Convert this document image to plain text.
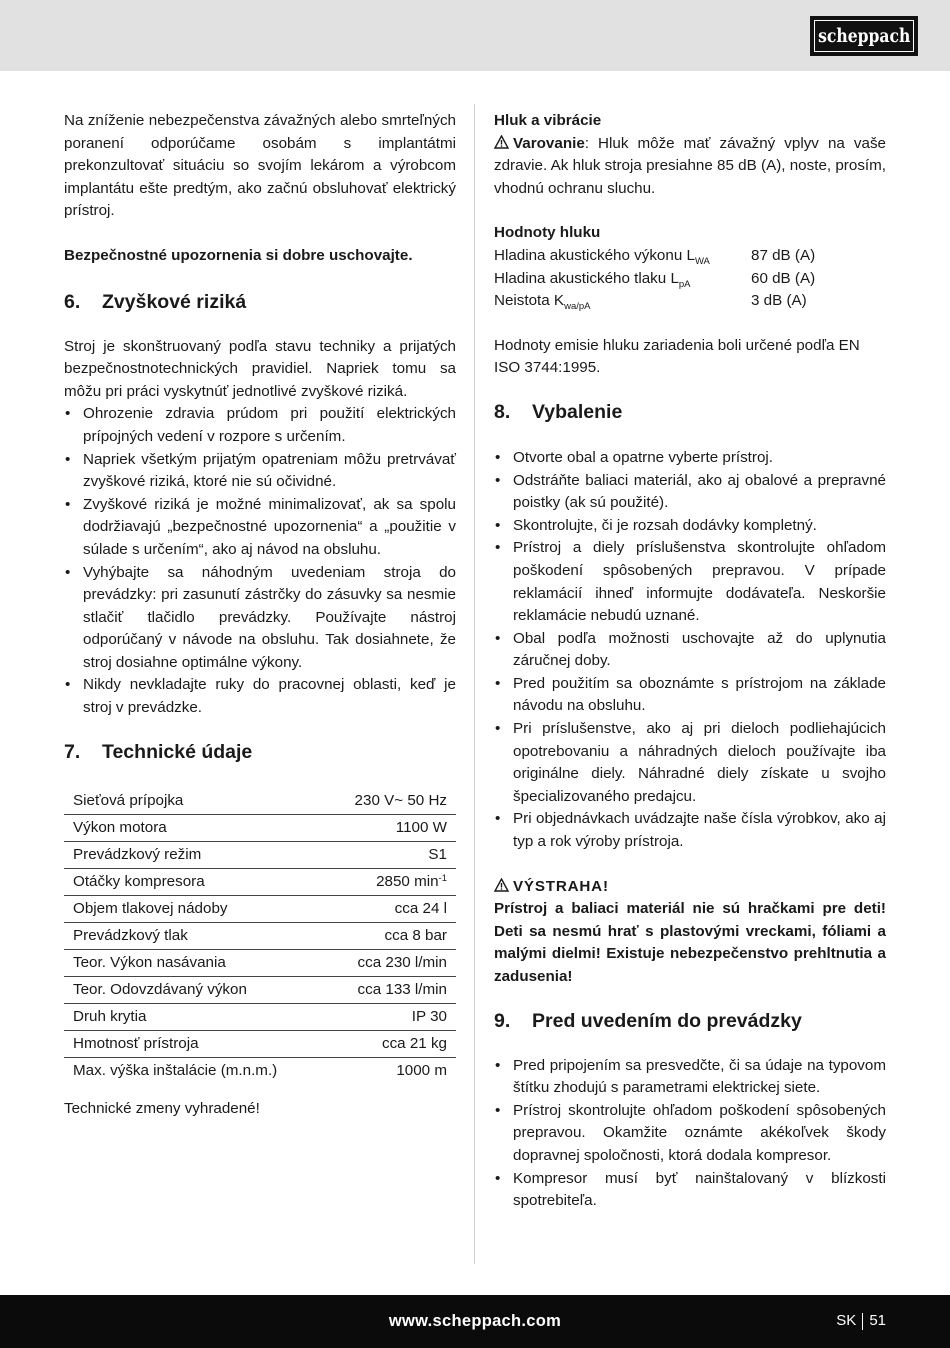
scheppach

Na zníženie nebezpečenstva závažných alebo smrteľných poranení odporúčame osobám s implantátmi prekonzultovať situáciu so svojím lekárom a výrobcom implantátu ešte predtým, ako začnú obsluhovať elektrický prístroj.

Bezpečnostné upozornenia si dobre uschovajte.

6.	Zvyškové riziká

Stroj je skonštruovaný podľa stavu techniky a prijatých bezpečnostnotechnických pravidiel. Napriek tomu sa môžu pri práci vyskytnúť jednotlivé zvyškové riziká.

• Ohrozenie zdravia prúdom pri použití elektrických prípojných vedení v rozpore s určením.
• Napriek všetkým prijatým opatreniam môžu pretrvávať zvyškové riziká, ktoré nie sú očividné.
• Zvyškové riziká je možné minimalizovať, ak sa spolu dodržiavajú „bezpečnostné upozornenia“ a „použitie v súlade s určením“, ako aj návod na obsluhu.
• Vyhýbajte sa náhodným uvedeniam stroja do prevádzky: pri zasunutí zástrčky do zásuvky sa nesmie stlačiť tlačidlo prevádzky. Používajte nástroj odporúčaný v návode na obsluhu. Tak dosiahnete, že stroj dosiahne optimálne výkony.
• Nikdy nevkladajte ruky do pracovnej oblasti, keď je stroj v prevádzke.
7.	Technické údaje
Sieťová prípojka	230 V~ 50 Hz
Výkon motora	1100 W
Prevádzkový režim	S1
Otáčky kompresora	2850 $\min^{-1}$
Objem tlakovej nádoby	cca 24 l
Prevádzkový tlak	cca 8 bar
Teor. Výkon nasávania	cca 230 l/min
Teor. Odovzdávaný výkon	cca 133 l/min
Druh krytia	IP 30
Hmotnosť prístroja	cca 21 kg
Max. výška inštalácie (m.n.m.)	1000 m

Technické zmeny vyhradené!

Hluk a vibrácie

Varovanie: Hluk môže mať závažný vplyv na vaše zdravie. Ak hluk stroja presiahne 85 dB (A), noste, prosím, vhodnú ochranu sluchu.

Hodnoty hluku

Hladina akustického výkonu $L_{WA}$	87 dB (A)
Hladina akustického tlaku $L_{pA}$	60 dB (A)
Neistota $K_{wa/pA}$	3 dB (A)

Hodnoty emisie hluku zariadenia boli určené podľa EN ISO 3744:1995.

8.	Vybalenie
• Otvorte obal a opatrne vyberte prístroj.
• Odstráňte baliaci materiál, ako aj obalové a prepravné poistky (ak sú použité).
• Skontrolujte, či je rozsah dodávky kompletný.
• Prístroj a diely príslušenstva skontrolujte ohľadom poškodení spôsobených prepravou. V prípade reklamácií ihneď informujte dodávateľa. Neskoršie reklamácie nebudú uznané.
• Obal podľa možnosti uschovajte až do uplynutia záručnej doby.
• Pred použitím sa oboznámte s prístrojom na základe návodu na obsluhu.
• Pri príslušenstve, ako aj pri dieloch podliehajúcich opotrebovaniu a náhradných dieloch používajte iba originálne diely. Náhradné diely získate u svojho špecializovaného predajcu.
• Pri objednávkach uvádzajte naše čísla výrobkov, ako aj typ a rok výroby prístroja.

VÝSTRAHA!

Prístroj a baliaci materiál nie sú hračkami pre deti! Deti sa nesmú hrať s plastovými vreckami, fóliami a malými dielmi! Existuje nebezpečenstvo prehltnutia a zadusenia!

9.	Pred uvedením do prevádzky
• Pred pripojením sa presvedčte, či sa údaje na typovom štítku zhodujú s parametrami elektrickej siete.
• Prístroj skontrolujte ohľadom poškodení spôsobených prepravou. Okamžite oznámte akékoľvek škody dopravnej spoločnosti, ktorá dodala kompresor.
• Kompresor musí byť nainštalovaný v blízkosti spotrebiteľa.
www.scheppach.com	SK 51
